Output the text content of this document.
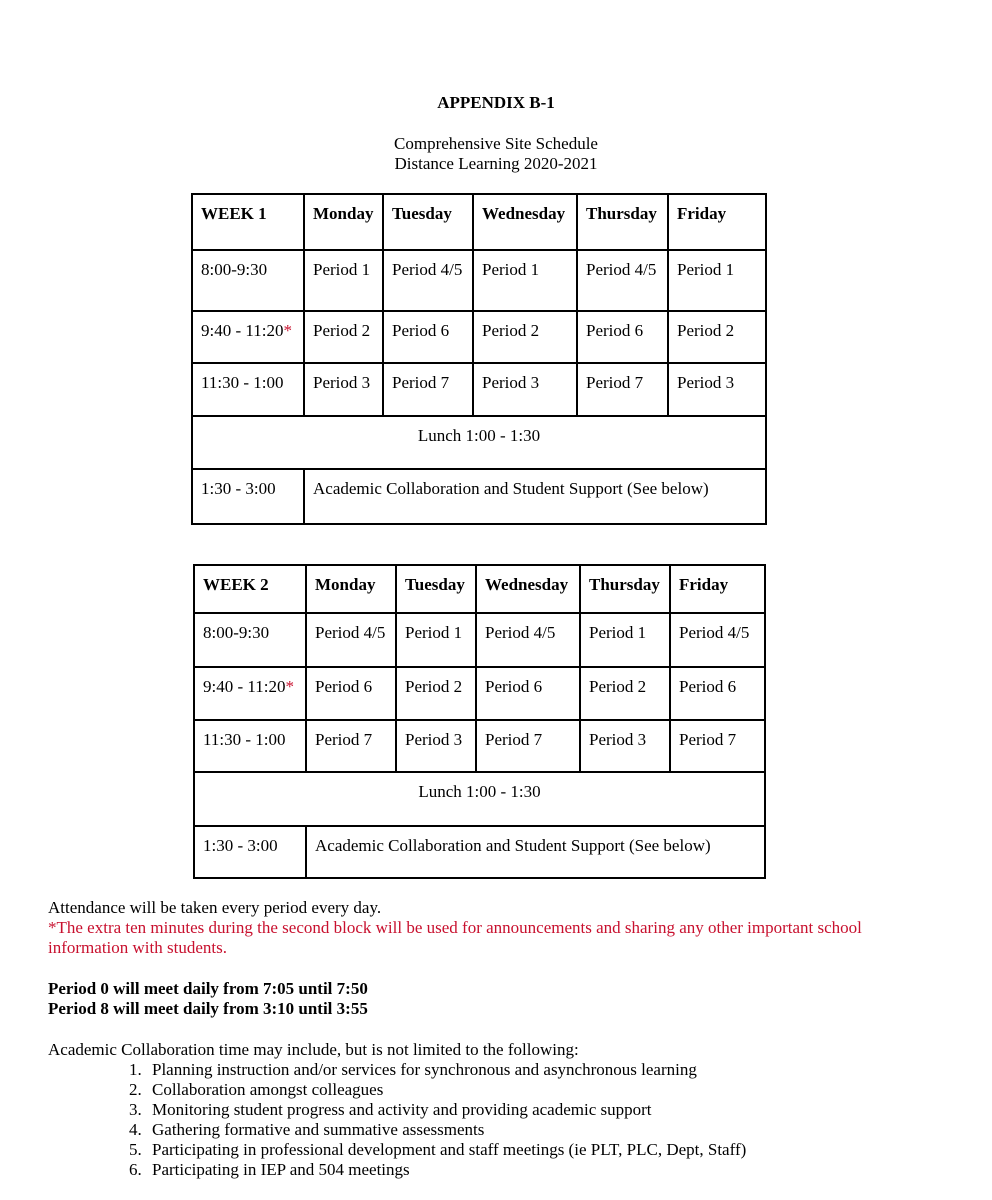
APPENDIX B-1
Comprehensive Site Schedule
Distance Learning 2020-2021
WEEK 1	Monday	Tuesday	Wednesday	Thursday	Friday
8:00-9:30	Period 1	Period 4/5	Period 1	Period 4/5	Period 1
9:40 - 11:20*	Period 2	Period 6	Period 2	Period 6	Period 2
11:30 - 1:00	Period 3	Period 7	Period 3	Period 7	Period 3
Lunch 1:00 - 1:30					
1:30 - 3:00	Academic Collaboration and Student Support (See below)				
WEEK 2	Monday	Tuesday	Wednesday	Thursday	Friday
8:00-9:30	Period 4/5	Period 1	Period 4/5	Period 1	Period 4/5
9:40 - 11:20*	Period 6	Period 2	Period 6	Period 2	Period 6
11:30 - 1:00	Period 7	Period 3	Period 7	Period 3	Period 7
Lunch 1:00 - 1:30					
1:30 - 3:00	Academic Collaboration and Student Support (See below)				
Attendance will be taken every period every day.
*The extra ten minutes during the second block will be used for announcements and sharing any other important school information with students.
Period 0 will meet daily from 7:05 until 7:50
Period 8 will meet daily from 3:10 until 3:55
Academic Collaboration time may include, but is not limited to the following:
1. Planning instruction and/or services for synchronous and asynchronous learning
2. Collaboration amongst colleagues
3. Monitoring student progress and activity and providing academic support
4. Gathering formative and summative assessments
5. Participating in professional development and staff meetings (ie PLT, PLC, Dept, Staff)
6. Participating in IEP and 504 meetings
